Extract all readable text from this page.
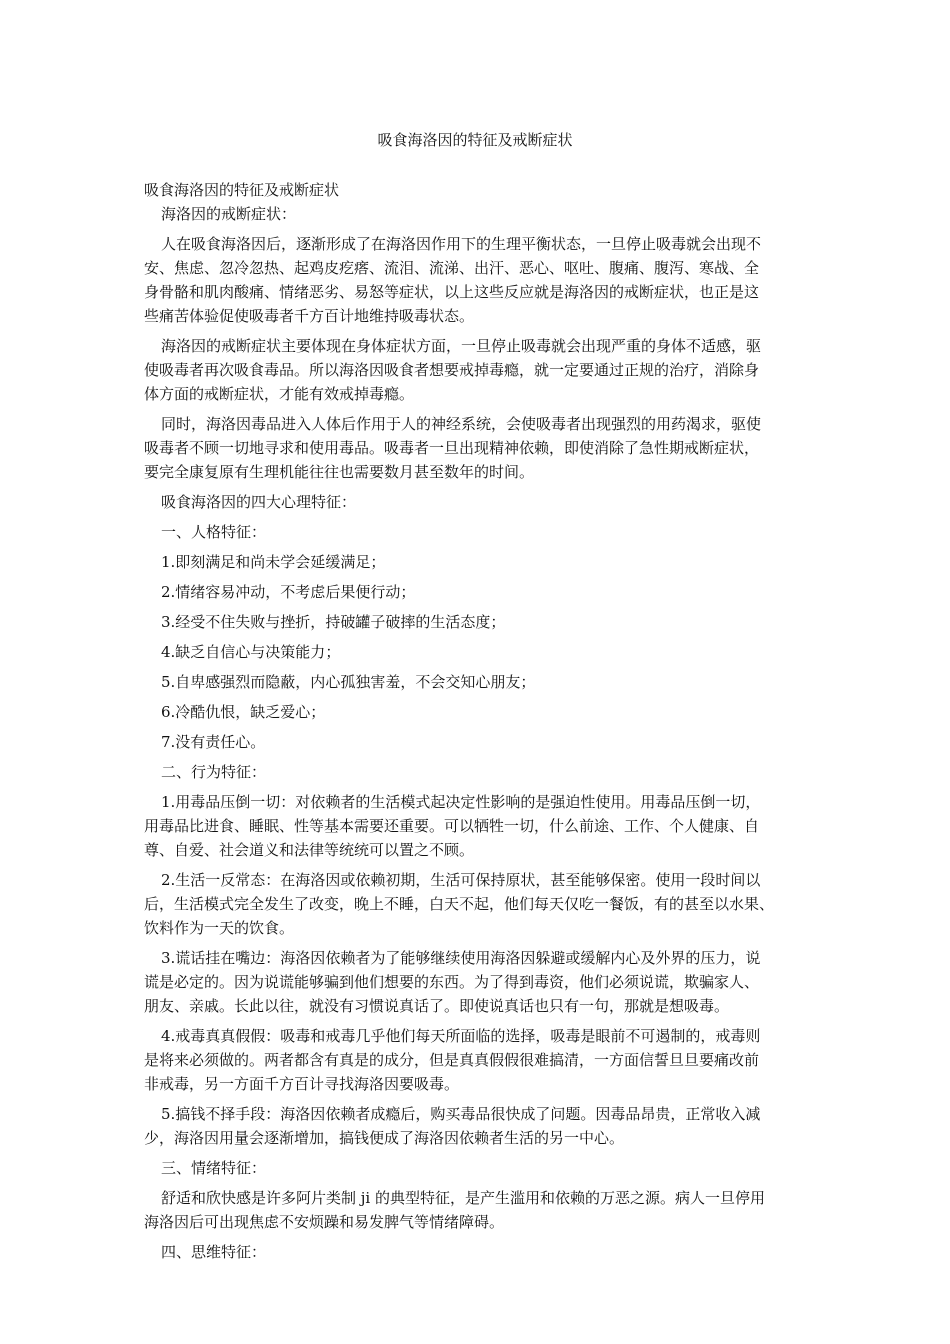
吸食海洛因的特征及戒断症状
吸食海洛因的特征及戒断症状
海洛因的戒断症状：
人在吸食海洛因后，逐渐形成了在海洛因作用下的生理平衡状态，一旦停止吸毒就会出现不
安、焦虑、忽冷忽热、起鸡皮疙瘩、流泪、流涕、出汗、恶心、呕吐、腹痛、腹泻、寒战、全
身骨骼和肌肉酸痛、情绪恶劣、易怒等症状，以上这些反应就是海洛因的戒断症状，也正是这
些痛苦体验促使吸毒者千方百计地维持吸毒状态。
海洛因的戒断症状主要体现在身体症状方面，一旦停止吸毒就会出现严重的身体不适感，驱
使吸毒者再次吸食毒品。所以海洛因吸食者想要戒掉毒瘾，就一定要通过正规的治疗，消除身
体方面的戒断症状，才能有效戒掉毒瘾。
同时，海洛因毒品进入人体后作用于人的神经系统，会使吸毒者出现强烈的用药渴求，驱使
吸毒者不顾一切地寻求和使用毒品。吸毒者一旦出现精神依赖，即使消除了急性期戒断症状，
要完全康复原有生理机能往往也需要数月甚至数年的时间。
吸食海洛因的四大心理特征：
一、人格特征：
1.即刻满足和尚未学会延缓满足；
2.情绪容易冲动，不考虑后果便行动；
3.经受不住失败与挫折，持破罐子破摔的生活态度；
4.缺乏自信心与决策能力；
5.自卑感强烈而隐蔽，内心孤独害羞，不会交知心朋友；
6.冷酷仇恨，缺乏爱心；
7.没有责任心。
二、行为特征：
1.用毒品压倒一切：对依赖者的生活模式起决定性影响的是强迫性使用。用毒品压倒一切，
用毒品比进食、睡眠、性等基本需要还重要。可以牺牲一切，什么前途、工作、个人健康、自
尊、自爱、社会道义和法律等统统可以置之不顾。
2.生活一反常态：在海洛因或依赖初期，生活可保持原状，甚至能够保密。使用一段时间以
后，生活模式完全发生了改变，晚上不睡，白天不起，他们每天仅吃一餐饭，有的甚至以水果、
饮料作为一天的饮食。
3.谎话挂在嘴边：海洛因依赖者为了能够继续使用海洛因躲避或缓解内心及外界的压力，说
谎是必定的。因为说谎能够骗到他们想要的东西。为了得到毒资，他们必须说谎，欺骗家人、
朋友、亲戚。长此以往，就没有习惯说真话了。即使说真话也只有一句，那就是想吸毒。
4.戒毒真真假假：吸毒和戒毒几乎他们每天所面临的选择，吸毒是眼前不可遏制的，戒毒则
是将来必须做的。两者都含有真是的成分，但是真真假假很难搞清，一方面信誓旦旦要痛改前
非戒毒，另一方面千方百计寻找海洛因要吸毒。
5.搞钱不择手段：海洛因依赖者成瘾后，购买毒品很快成了问题。因毒品昂贵，正常收入减
少，海洛因用量会逐渐增加，搞钱便成了海洛因依赖者生活的另一中心。
三、情绪特征：
舒适和欣快感是许多阿片类制 ji 的典型特征，是产生滥用和依赖的万恶之源。病人一旦停用
海洛因后可出现焦虑不安烦躁和易发脾气等情绪障碍。
四、思维特征：
